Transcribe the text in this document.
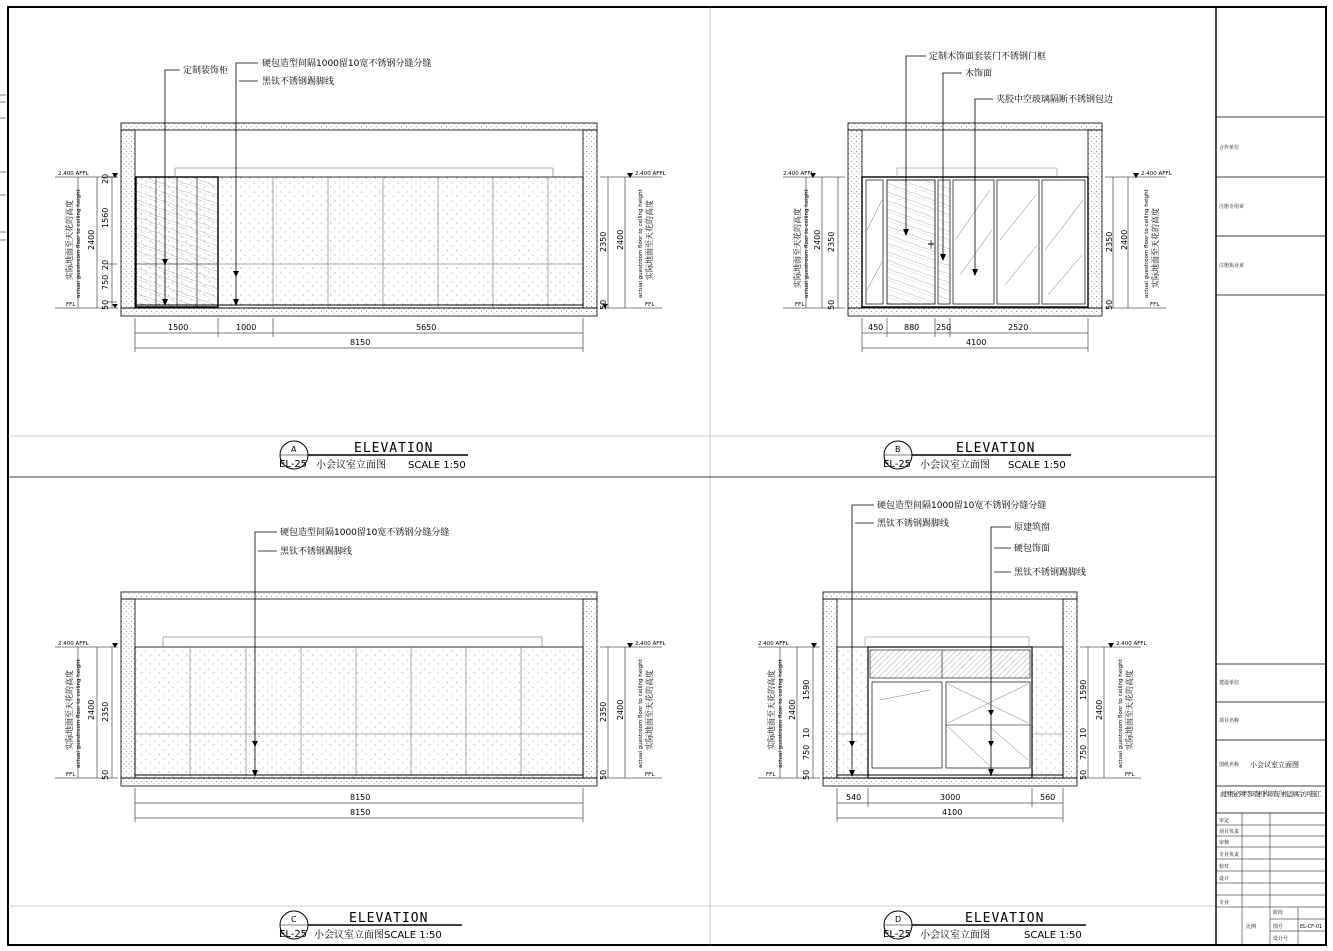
定制装饰柜
硬包造型间隔1000留10宽不锈钢分缝分缝
黑钛不锈钢踢脚线
2.400 AFFL	2.400 AFFL
FFL	FFL
实际地面至天花的高度 actual guestroom floor to ceiling height	actual guestroom floor to ceiling height 实际地面至天花的高度
2400
20
1560
20
750
50
2350
50
2400
1500	1000	5650
8150
A
EL-25
ELEVATION
小会议室立面图 SCALE 1:50
定制木饰面套装门不锈钢门框
木饰面
夹胶中空玻璃隔断不锈钢包边
2.400 AFFL	2.400 AFFL
FFL	FFL
实际地面至天花的高度 actual guestroom floor to ceiling height	actual guestroom floor to ceiling height 实际地面至天花的高度
2400 2350
50
2350
50
2400
450	880 250	2520
4100
B
EL-25
ELEVATION
小会议室立面图 SCALE 1:50
硬包造型间隔1000留10宽不锈钢分缝分缝
黑钛不锈钢踢脚线
2.400 AFFL	2.400 AFFL
FFL	FFL
实际地面至天花的高度 actual guestroom floor to ceiling height	actual guestroom floor to ceiling height 实际地面至天花的高度
2400 2350
50
2350
50
2400
8150
8150
C
EL-25
ELEVATION
小会议室立面图SCALE 1:50
硬包造型间隔1000留10宽不锈钢分缝分缝
黑钛不锈钢踢脚线	原建筑窗
硬包饰面
黑钛不锈钢踢脚线
2.400 AFFL	2.400 AFFL
FFL	FFL
实际地面至天花的高度 actual guestroom floor to ceiling height	actual guestroom floor to ceiling height 实际地面至天花的高度
2400
1590
10
750
50
1590
10
750
50
2400
540	3000	560
4100
D
EL-25
ELEVATION
小会议室立面图	SCALE 1:50
合作单位
注册专用章
注册执业章
建设单位
项目名称
图纸名称 小会议室立面图
此图纸必须经审查机构审查合格盖章后方可施工
审定
项目负责
审核
专业负责
校对
设计
专业
阶段
比例	图号	EL-CF-01
设计号
